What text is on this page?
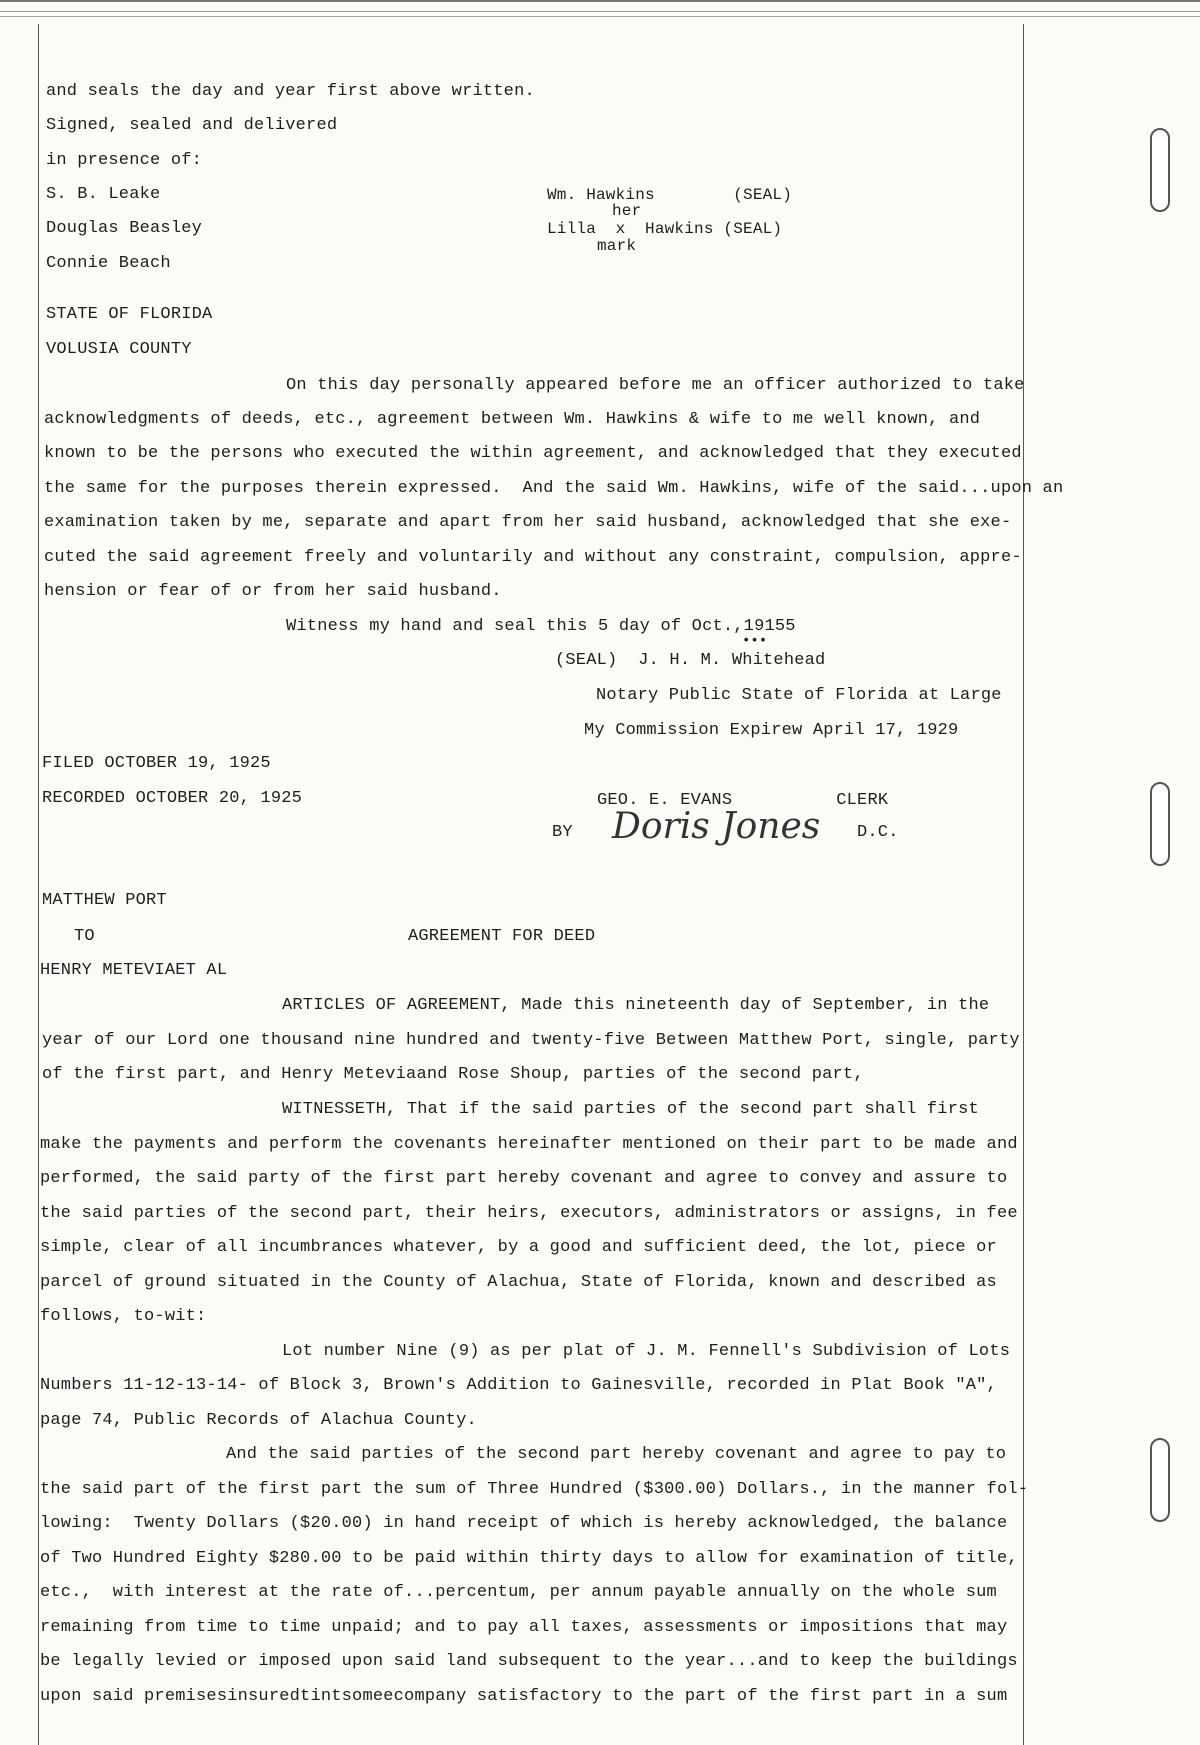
and seals the day and year first above written.
Signed, sealed and delivered
in presence of:
S. B. Leake
Douglas Beasley
Connie Beach
Wm. Hawkins        (SEAL)
her
Lilla  x  Hawkins (SEAL)
mark
STATE OF FLORIDA
VOLUSIA COUNTY
On this day personally appeared before me an officer authorized to take
acknowledgments of deeds, etc., agreement between Wm. Hawkins & wife to me well known, and
known to be the persons who executed the within agreement, and acknowledged that they executed
the same for the purposes therein expressed.  And the said Wm. Hawkins, wife of the said...upon an
examination taken by me, separate and apart from her said husband, acknowledged that she exe-
cuted the said agreement freely and voluntarily and without any constraint, compulsion, appre-
hension or fear of or from her said husband.
Witness my hand and seal this 5 day of Oct.,19155
•••
(SEAL)  J. H. M. Whitehead
Notary Public State of Florida at Large
My Commission Expirew April 17, 1929
FILED OCTOBER 19, 1925
RECORDED OCTOBER 20, 1925	GEO. E. EVANS          CLERK
BY Doris Jones D.C.
MATTHEW PORT
TO	AGREEMENT FOR DEED
HENRY METEVIAET AL
ARTICLES OF AGREEMENT, Made this nineteenth day of September, in the
year of our Lord one thousand nine hundred and twenty-five Between Matthew Port, single, party
of the first part, and Henry Meteviaand Rose Shoup, parties of the second part,
WITNESSETH, That if the said parties of the second part shall first
make the payments and perform the covenants hereinafter mentioned on their part to be made and
performed, the said party of the first part hereby covenant and agree to convey and assure to
the said parties of the second part, their heirs, executors, administrators or assigns, in fee
simple, clear of all incumbrances whatever, by a good and sufficient deed, the lot, piece or
parcel of ground situated in the County of Alachua, State of Florida, known and described as
follows, to-wit:
Lot number Nine (9) as per plat of J. M. Fennell's Subdivision of Lots
Numbers 11-12-13-14- of Block 3, Brown's Addition to Gainesville, recorded in Plat Book "A",
page 74, Public Records of Alachua County.
And the said parties of the second part hereby covenant and agree to pay to
the said part of the first part the sum of Three Hundred ($300.00) Dollars., in the manner fol-
lowing:  Twenty Dollars ($20.00) in hand receipt of which is hereby acknowledged, the balance
of Two Hundred Eighty $280.00 to be paid within thirty days to allow for examination of title,
etc.,  with interest at the rate of...percentum, per annum payable annually on the whole sum
remaining from time to time unpaid; and to pay all taxes, assessments or impositions that may
be legally levied or imposed upon said land subsequent to the year...and to keep the buildings
upon said premisesinsuredtintsomeecompany satisfactory to the part of the first part in a sum
